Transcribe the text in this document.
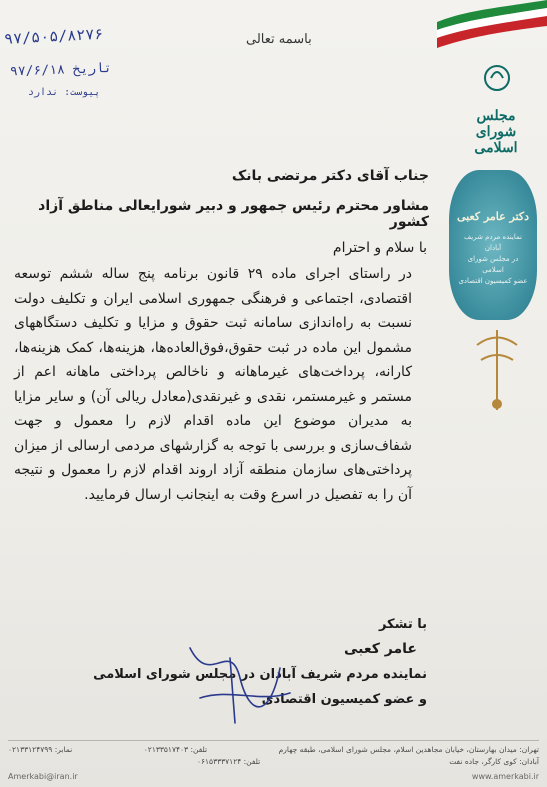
۹۷/۵۰۵/۸۲۷۶
تاریخ ۹۷/۶/۱۸
پیوست: ندارد
باسمه تعالی
مجلس شورای اسلامی
دکتر عامر کعبی
نماینده مردم شریف آبادان
در مجلس شورای اسلامی
عضو کمیسیون اقتصادی
جناب آقای دکتر مرتضی بانک
مشاور محترم رئیس جمهور و دبیر شورایعالی مناطق آزاد کشور
با سلام و احترام

در راستای اجرای ماده ۲۹ قانون برنامه پنج ساله ششم توسعه اقتصادی، اجتماعی و فرهنگی جمهوری اسلامی ایران و تکلیف دولت نسبت به راه‌اندازی سامانه ثبت حقوق و مزایا و تکلیف دستگاههای مشمول این ماده در ثبت حقوق،فوق‌العاده‌ها، هزینه‌ها، کمک هزینه‌ها، کارانه، پرداخت‌های غیرماهانه و ناخالص پرداختی ماهانه اعم از مستمر و غیرمستمر، نقدی و غیرنقدی(معادل ریالی آن) و سایر مزایا به مدیران موضوع این ماده اقدام لازم را معمول و جهت شفاف‌سازی و بررسی با توجه به گزارشهای مردمی ارسالی از میزان پرداختی‌های سازمان منطقه آزاد اروند اقدام لازم را معمول و نتیجه آن را به تفصیل در اسرع وقت به اینجانب ارسال فرمایید.

با تشکر
عامر کعبی
نماینده مردم شریف آبادان در مجلس شورای اسلامی
و عضو کمیسیون اقتصادی
تهران: میدان بهارستان، خیابان مجاهدین اسلام، مجلس شورای اسلامی، طبقه چهارم
تلفن: ۰۲۱۳۳۵۱۷۴۰۳
نمابر: ۰۲۱۳۳۱۲۴۷۹۹
آبادان: کوی کارگر، جاده نفت
تلفن: ۰۶۱۵۳۳۳۷۱۲۴
Amerkabi@iran.ir	www.amerkabi.ir
